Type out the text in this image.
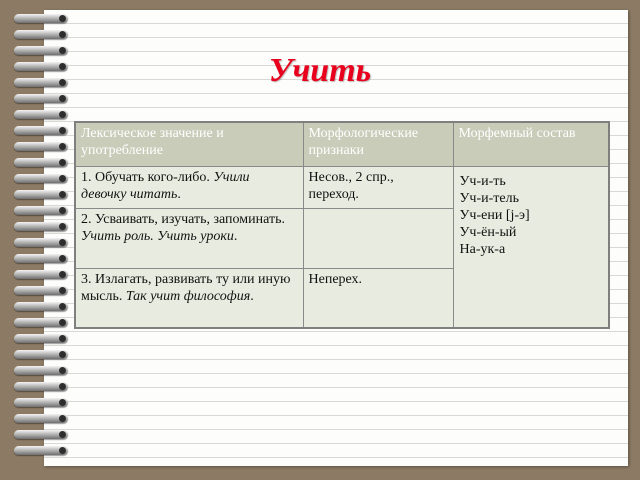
Учить
Лексическое значение и употребление	Морфологические признаки	Морфемный состав
1. Обучать кого-либо. Учили девочку читать.	Несов., 2 спр., переход.	Уч-и-ть
Уч-и-тель
Уч-ени [j-э]
Уч-ён-ый
На-ук-а

2. Усваивать, изучать, запоминать. Учить роль. Учить уроки.		
3. Излагать, развивать ту или иную мысль. Так учит философия.	Неперех.	
